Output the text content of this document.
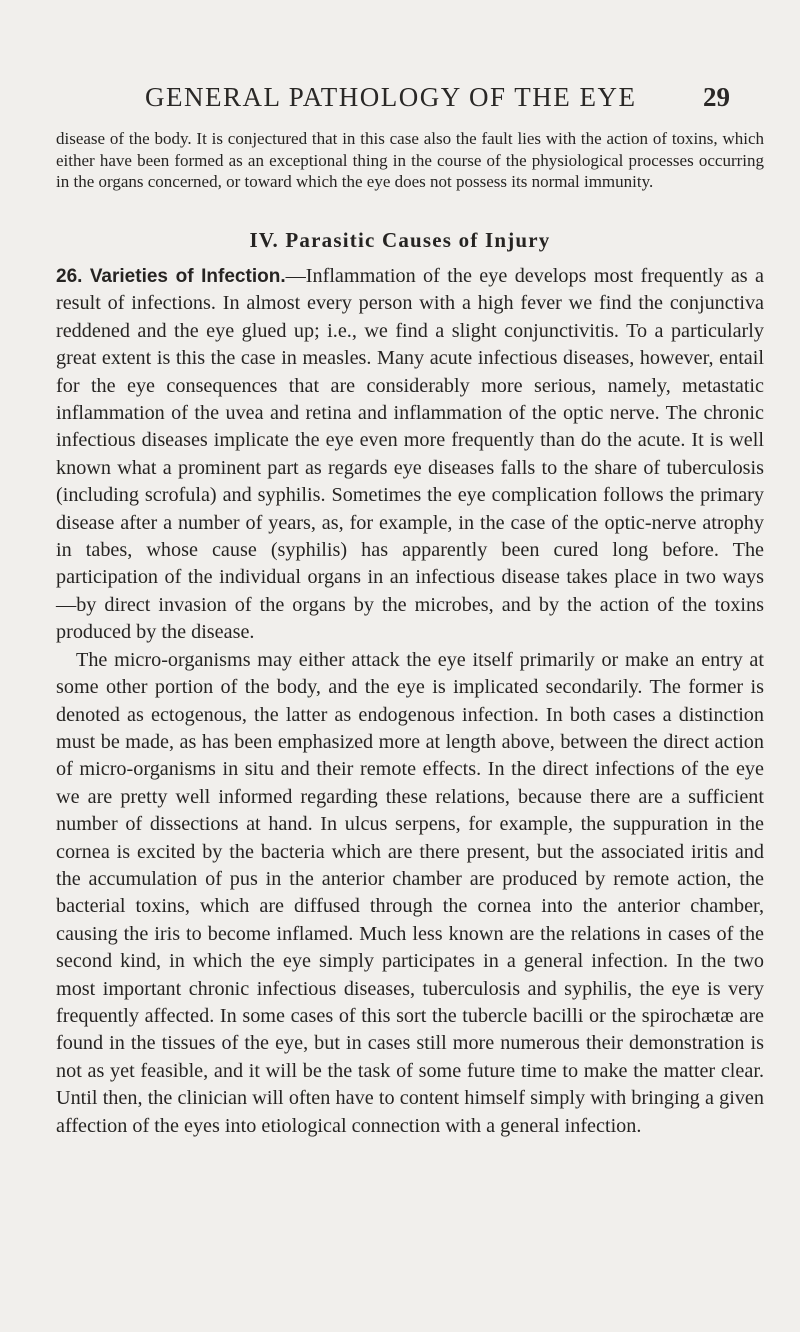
GENERAL PATHOLOGY OF THE EYE 29

disease of the body. It is conjectured that in this case also the fault lies with the action of toxins, which either have been formed as an exceptional thing in the course of the physiological processes occurring in the organs concerned, or toward which the eye does not possess its normal immunity.

IV. Parasitic Causes of Injury

26. Varieties of Infection.—Inflammation of the eye develops most frequently as a result of infections. In almost every person with a high fever we find the conjunctiva reddened and the eye glued up; i.e., we find a slight conjunctivitis. To a particularly great extent is this the case in measles. Many acute infectious diseases, however, entail for the eye consequences that are considerably more serious, namely, metastatic inflammation of the uvea and retina and inflammation of the optic nerve. The chronic infectious diseases implicate the eye even more frequently than do the acute. It is well known what a prominent part as regards eye diseases falls to the share of tuberculosis (including scrofula) and syphilis. Sometimes the eye complication follows the primary disease after a number of years, as, for example, in the case of the optic-nerve atrophy in tabes, whose cause (syphilis) has apparently been cured long before. The participation of the individual organs in an infectious disease takes place in two ways—by direct invasion of the organs by the microbes, and by the action of the toxins produced by the disease.

The micro-organisms may either attack the eye itself primarily or make an entry at some other portion of the body, and the eye is implicated secondarily. The former is denoted as ectogenous, the latter as endogenous infection. In both cases a distinction must be made, as has been emphasized more at length above, between the direct action of micro-organisms in situ and their remote effects. In the direct infections of the eye we are pretty well informed regarding these relations, because there are a sufficient number of dissections at hand. In ulcus serpens, for example, the suppuration in the cornea is excited by the bacteria which are there present, but the associated iritis and the accumulation of pus in the anterior chamber are produced by remote action, the bacterial toxins, which are diffused through the cornea into the anterior chamber, causing the iris to become inflamed. Much less known are the relations in cases of the second kind, in which the eye simply participates in a general infection. In the two most important chronic infectious diseases, tuberculosis and syphilis, the eye is very frequently affected. In some cases of this sort the tubercle bacilli or the spirochætæ are found in the tissues of the eye, but in cases still more numerous their demonstration is not as yet feasible, and it will be the task of some future time to make the matter clear. Until then, the clinician will often have to content himself simply with bringing a given affection of the eyes into etiological connection with a general infection.
